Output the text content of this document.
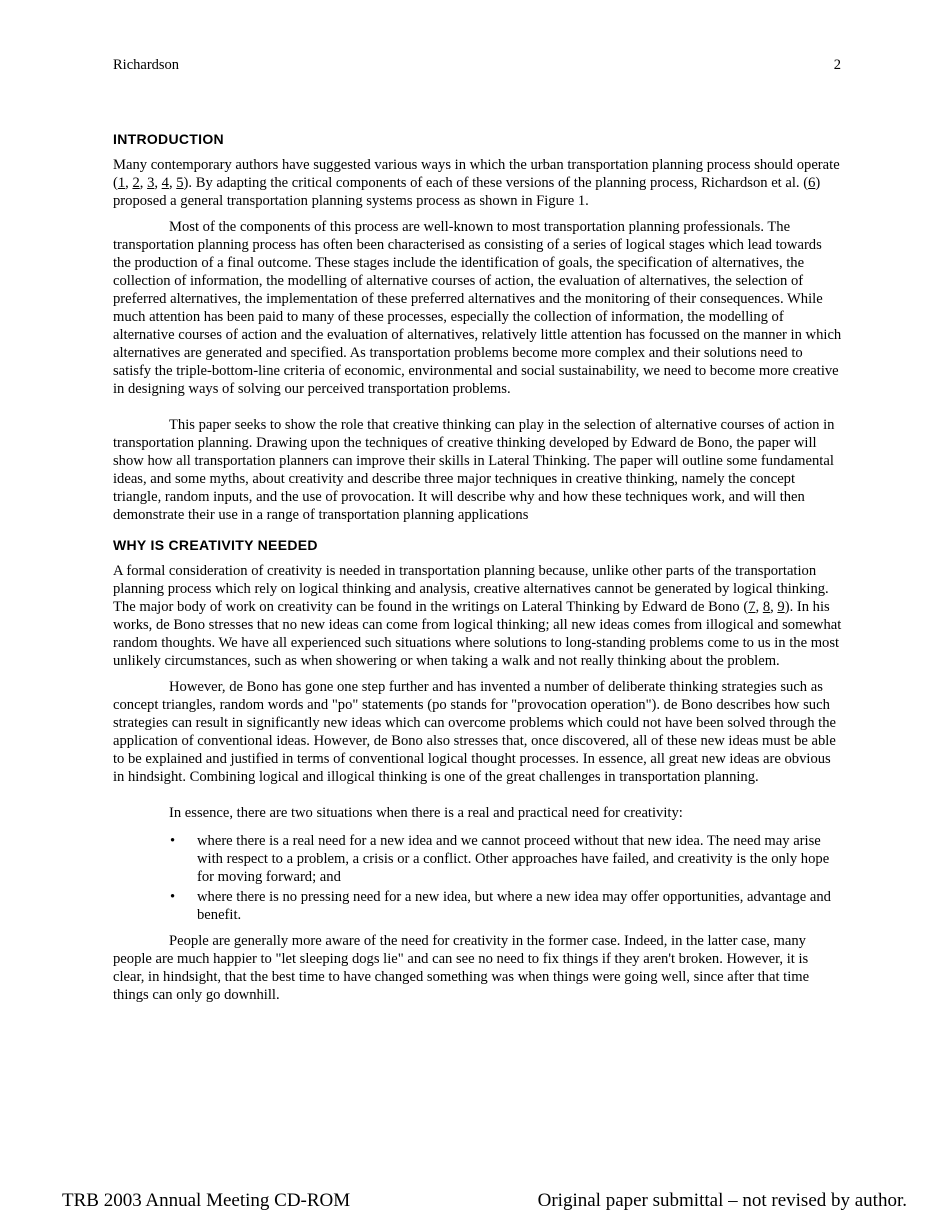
Richardson	2
INTRODUCTION

Many contemporary authors have suggested various ways in which the urban transportation planning process should operate (1, 2, 3, 4, 5). By adapting the critical components of each of these versions of the planning process, Richardson et al. (6) proposed a general transportation planning systems process as shown in Figure 1.

Most of the components of this process are well-known to most transportation planning professionals. The transportation planning process has often been characterised as consisting of a series of logical stages which lead towards the production of a final outcome. These stages include the identification of goals, the specification of alternatives, the collection of information, the modelling of alternative courses of action, the evaluation of alternatives, the selection of preferred alternatives, the implementation of these preferred alternatives and the monitoring of their consequences. While much attention has been paid to many of these processes, especially the collection of information, the modelling of alternative courses of action and the evaluation of alternatives, relatively little attention has focussed on the manner in which alternatives are generated and specified. As transportation problems become more complex and their solutions need to satisfy the triple-bottom-line criteria of economic, environmental and social sustainability, we need to become more creative in designing ways of solving our perceived transportation problems.

This paper seeks to show the role that creative thinking can play in the selection of alternative courses of action in transportation planning. Drawing upon the techniques of creative thinking developed by Edward de Bono, the paper will show how all transportation planners can improve their skills in Lateral Thinking. The paper will outline some fundamental ideas, and some myths, about creativity and describe three major techniques in creative thinking, namely the concept triangle, random inputs, and the use of provocation. It will describe why and how these techniques work, and will then demonstrate their use in a range of transportation planning applications

WHY IS CREATIVITY NEEDED

A formal consideration of creativity is needed in transportation planning because, unlike other parts of the transportation planning process which rely on logical thinking and analysis, creative alternatives cannot be generated by logical thinking. The major body of work on creativity can be found in the writings on Lateral Thinking by Edward de Bono (7, 8, 9). In his works, de Bono stresses that no new ideas can come from logical thinking; all new ideas comes from illogical and somewhat random thoughts. We have all experienced such situations where solutions to long-standing problems come to us in the most unlikely circumstances, such as when showering or when taking a walk and not really thinking about the problem.

However, de Bono has gone one step further and has invented a number of deliberate thinking strategies such as concept triangles, random words and "po" statements (po stands for "provocation operation"). de Bono describes how such strategies can result in significantly new ideas which can overcome problems which could not have been solved through the application of conventional ideas. However, de Bono also stresses that, once discovered, all of these new ideas must be able to be explained and justified in terms of conventional logical thought processes. In essence, all great new ideas are obvious in hindsight. Combining logical and illogical thinking is one of the great challenges in transportation planning.

In essence, there are two situations when there is a real and practical need for creativity:

• where there is a real need for a new idea and we cannot proceed without that new idea. The need may arise with respect to a problem, a crisis or a conflict. Other approaches have failed, and creativity is the only hope for moving forward; and
• where there is no pressing need for a new idea, but where a new idea may offer opportunities, advantage and benefit.

People are generally more aware of the need for creativity in the former case. Indeed, in the latter case, many people are much happier to "let sleeping dogs lie" and can see no need to fix things if they aren't broken. However, it is clear, in hindsight, that the best time to have changed something was when things were going well, since after that time things can only go downhill.

TRB 2003 Annual Meeting CD-ROM	Original paper submittal – not revised by author.
